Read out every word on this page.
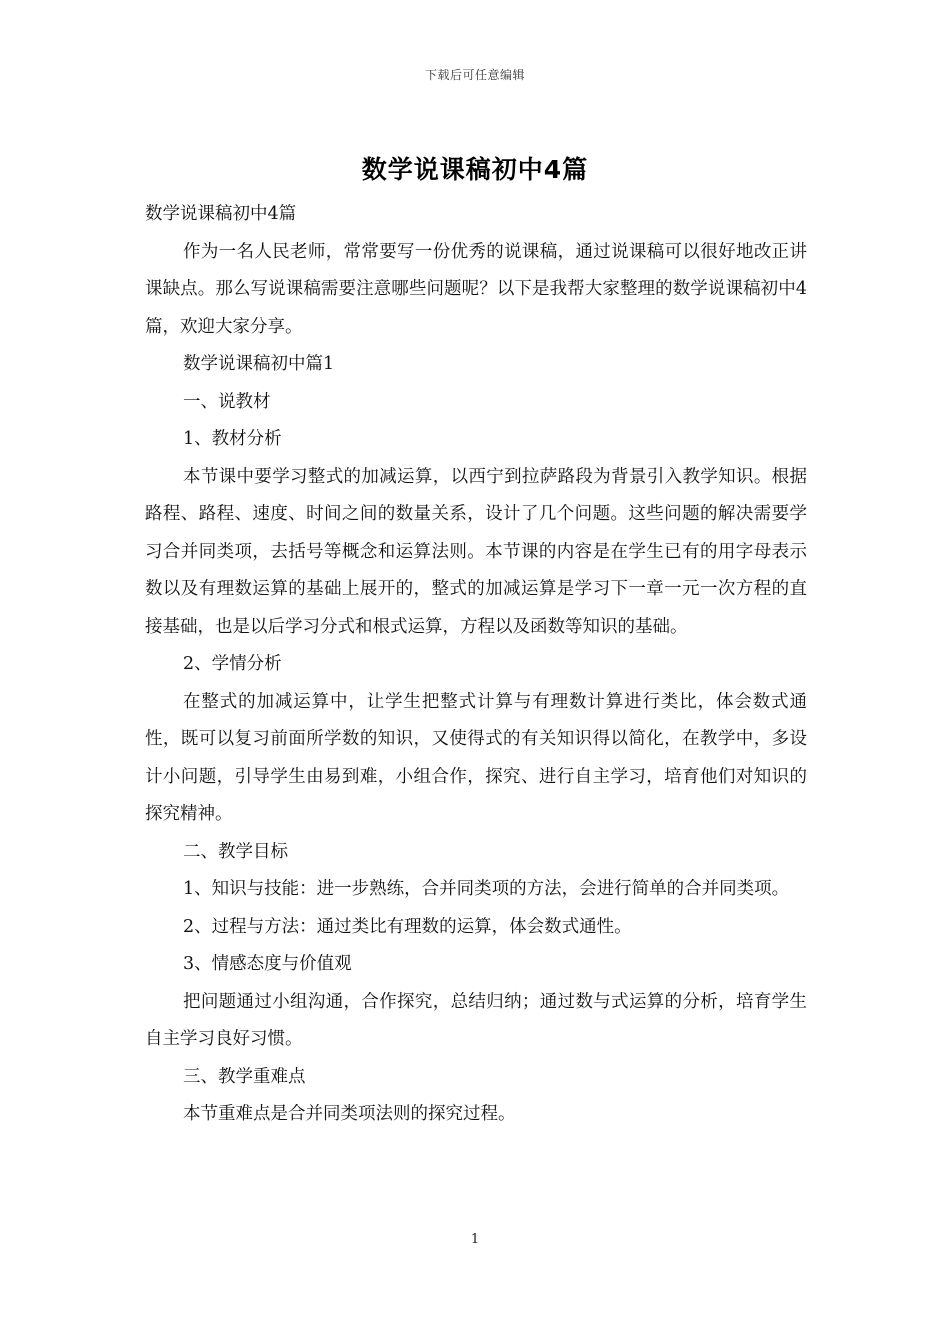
下载后可任意编辑
数学说课稿初中4篇

数学说课稿初中4篇

作为一名人民老师，常常要写一份优秀的说课稿，通过说课稿可以很好地改正讲课缺点。那么写说课稿需要注意哪些问题呢？以下是我帮大家整理的数学说课稿初中4篇，欢迎大家分享。

数学说课稿初中篇1

一、说教材

1、教材分析

本节课中要学习整式的加减运算，以西宁到拉萨路段为背景引入教学知识。根据路程、路程、速度、时间之间的数量关系，设计了几个问题。这些问题的解决需要学习合并同类项，去括号等概念和运算法则。本节课的内容是在学生已有的用字母表示数以及有理数运算的基础上展开的，整式的加减运算是学习下一章一元一次方程的直接基础，也是以后学习分式和根式运算，方程以及函数等知识的基础。

2、学情分析

在整式的加减运算中，让学生把整式计算与有理数计算进行类比，体会数式通性，既可以复习前面所学数的知识，又使得式的有关知识得以简化，在教学中，多设计小问题，引导学生由易到难，小组合作，探究、进行自主学习，培育他们对知识的探究精神。

二、教学目标

1、知识与技能：进一步熟练，合并同类项的方法，会进行简单的合并同类项。

2、过程与方法：通过类比有理数的运算，体会数式通性。

3、情感态度与价值观

把问题通过小组沟通，合作探究，总结归纳；通过数与式运算的分析，培育学生自主学习良好习惯。

三、教学重难点

本节重难点是合并同类项法则的探究过程。

1
